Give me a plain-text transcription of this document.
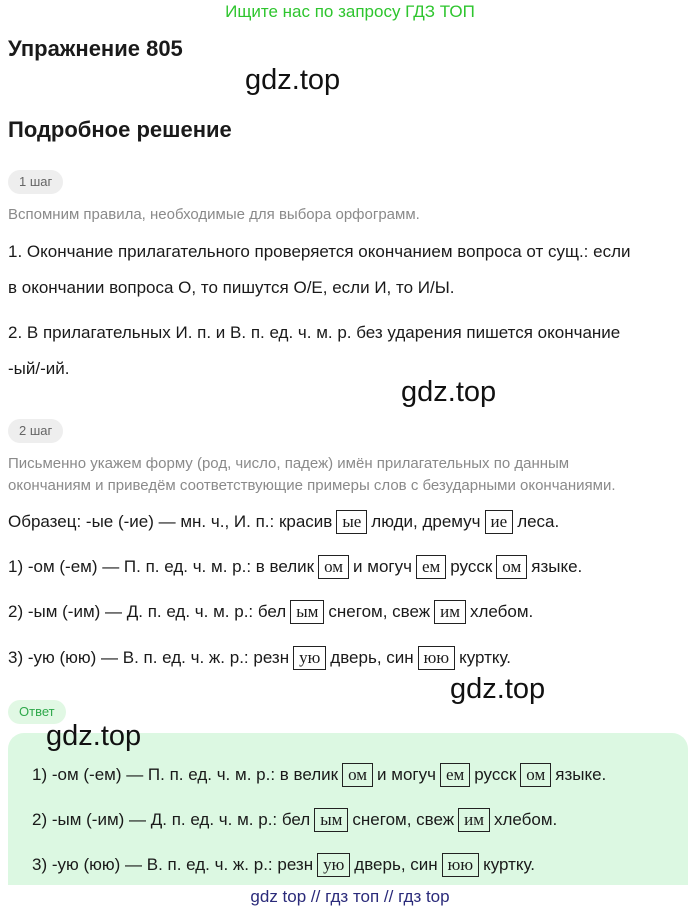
Ищите нас по запросу ГДЗ ТОП
Упражнение 805
gdz.top
Подробное решение
1 шаг
Вспомним правила, необходимые для выбора орфограмм.
1. Окончание прилагательного проверяется окончанием вопроса от сущ.: если
в окончании вопроса О, то пишутся О/Е, если И, то И/Ы.
2. В прилагательных И. п. и В. п. ед. ч. м. р. без ударения пишется окончание
-ый/-ий.
gdz.top
2 шаг
Письменно укажем форму (род, число, падеж) имён прилагательных по данным
окончаниям и приведём соответствующие примеры слов с безударными окончаниями.
Образец: -ые (-ие) — мн. ч., И. п.: красив ые люди, дремуч ие леса.
1) -ом (-ем) — П. п. ед. ч. м. р.: в велик ом и могуч ем русск ом языке.
2) -ым (-им) — Д. п. ед. ч. м. р.: бел ым снегом, свеж им хлебом.
3) -ую (юю) — В. п. ед. ч. ж. р.: резн ую дверь, син юю куртку.
gdz.top
Ответ
gdz.top
1) -ом (-ем) — П. п. ед. ч. м. р.: в велик ом и могуч ем русск ом языке.
2) -ым (-им) — Д. п. ед. ч. м. р.: бел ым снегом, свеж им хлебом.
3) -ую (юю) — В. п. ед. ч. ж. р.: резн ую дверь, син юю куртку.
gdz top // гдз топ // гдз top
